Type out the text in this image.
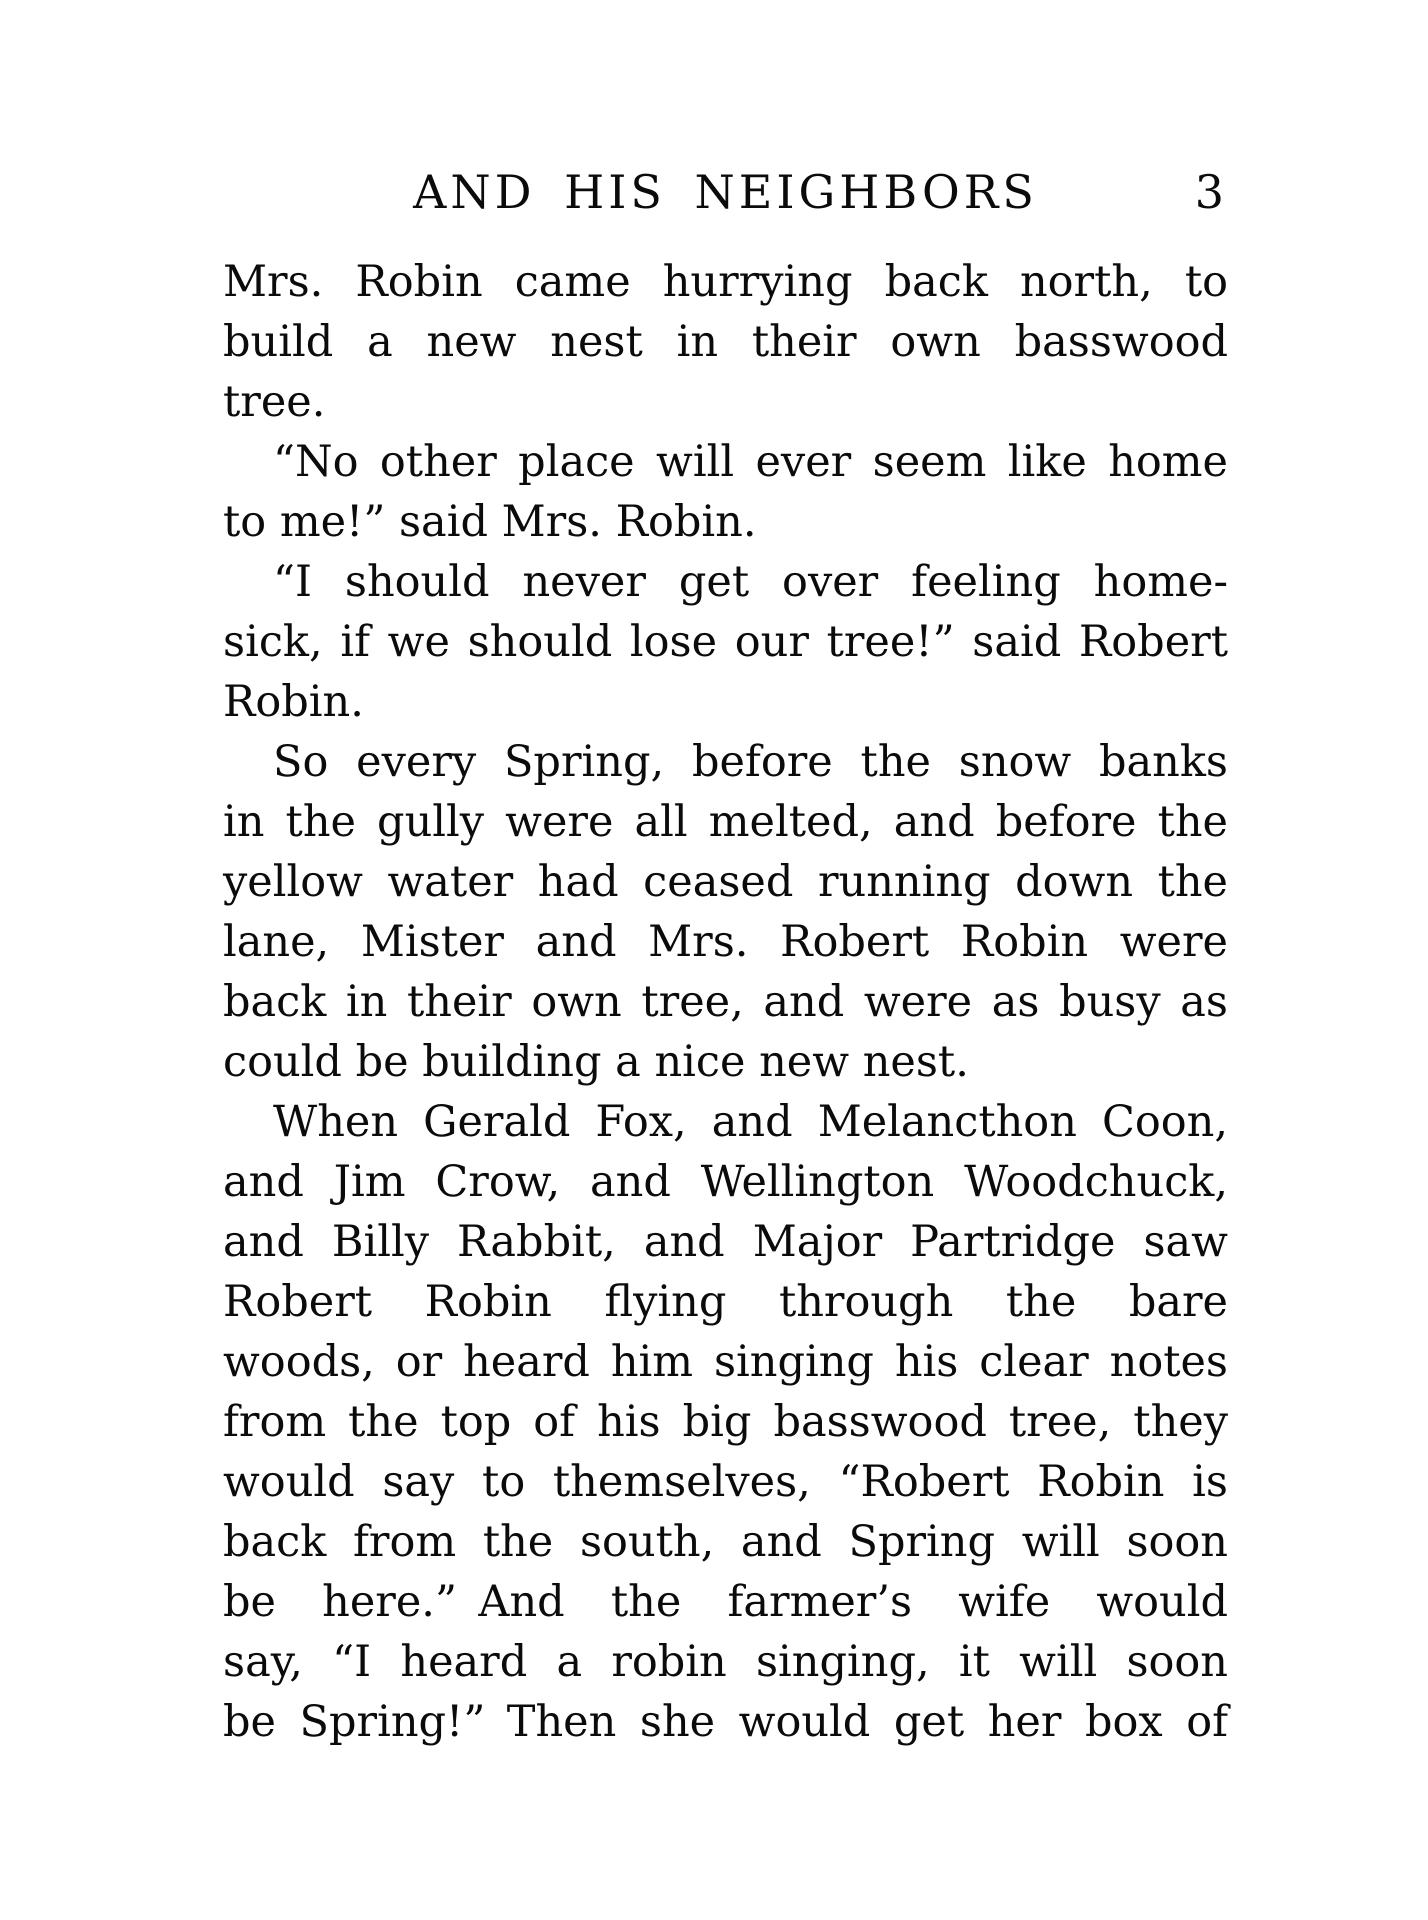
AND HIS NEIGHBORS	3
Mrs. Robin came hurrying back north, to
build a new nest in their own basswood
tree.
“No other place will ever seem like home
to me!” said Mrs. Robin.
“I should never get over feeling home-
sick, if we should lose our tree!” said Robert
Robin.
So every Spring, before the snow banks
in the gully were all melted, and before the
yellow water had ceased running down the
lane, Mister and Mrs. Robert Robin were
back in their own tree, and were as busy as
could be building a nice new nest.
When Gerald Fox, and Melancthon Coon,
and Jim Crow, and Wellington Woodchuck,
and Billy Rabbit, and Major Partridge saw
Robert Robin flying through the bare
woods, or heard him singing his clear notes
from the top of his big basswood tree, they
would say to themselves, “Robert Robin is
back from the south, and Spring will soon
be here.” And the farmer’s wife would
say, “I heard a robin singing, it will soon
be Spring!” Then she would get her box of
